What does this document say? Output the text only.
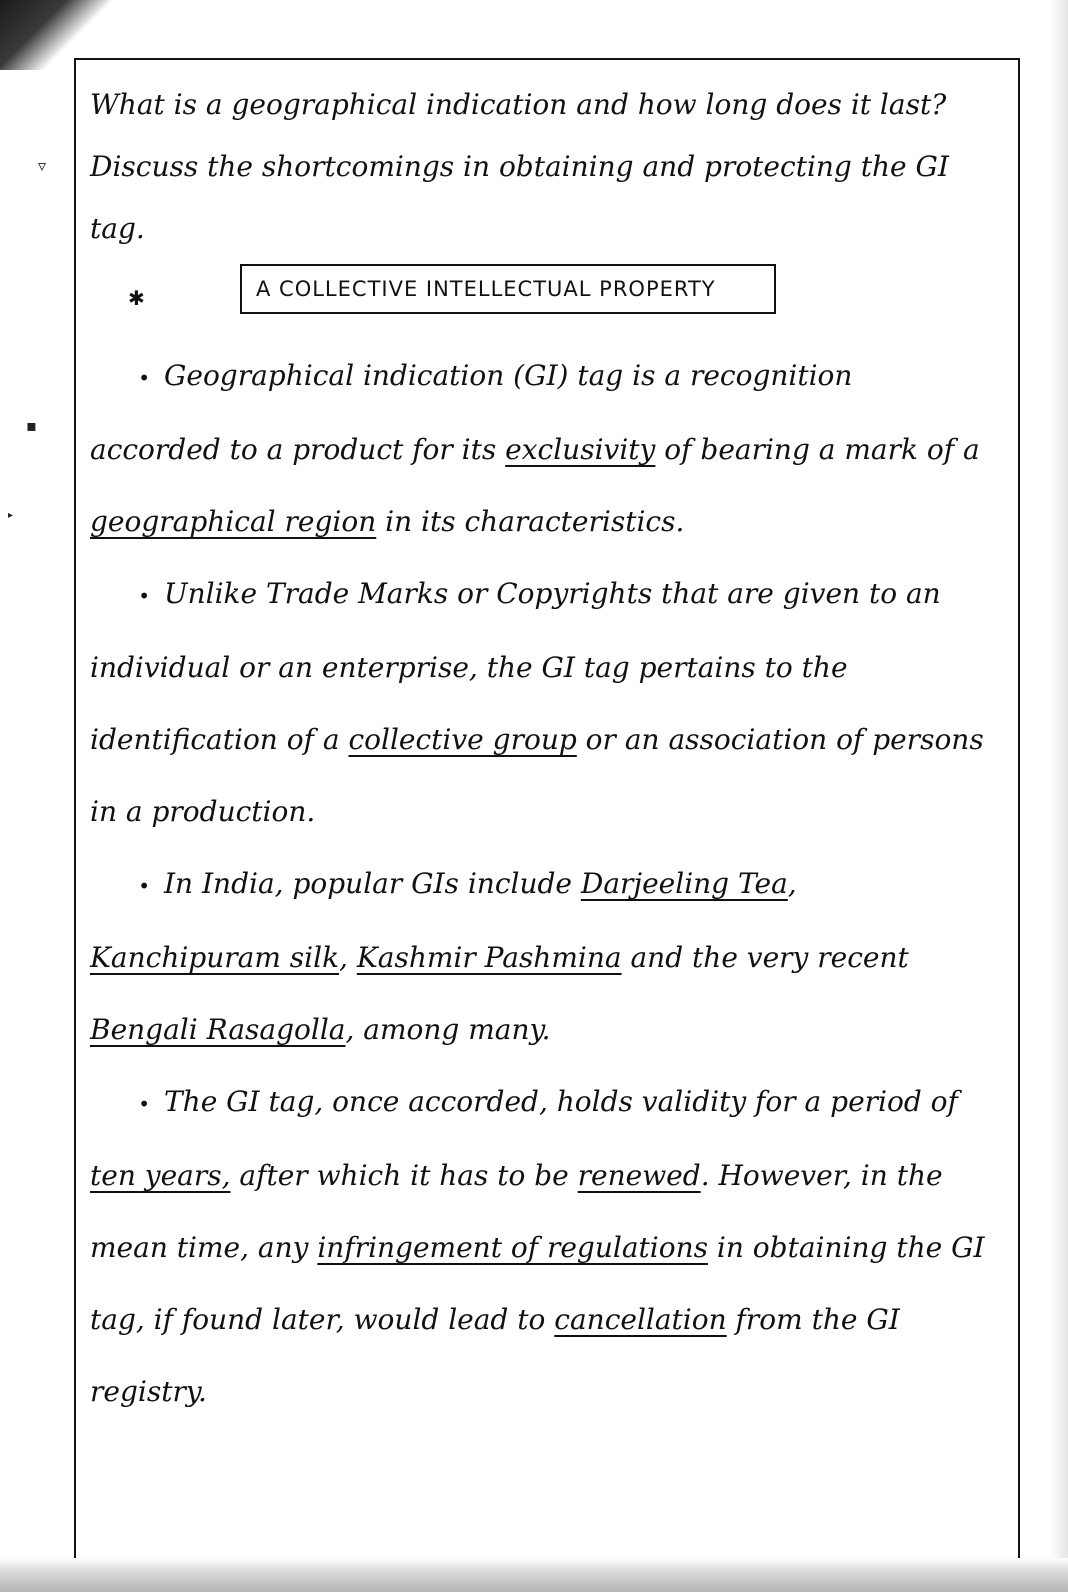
▿
▪
▸

What is a geographical indication and how long does it last? Discuss the shortcomings in obtaining and protecting the GI tag.

✱	A COLLECTIVE INTELLECTUAL PROPERTY

• Geographical indication (GI) tag is a recognition accorded to a product for its exclusivity of bearing a mark of a geographical region in its characteristics.

• Unlike Trade Marks or Copyrights that are given to an individual or an enterprise, the GI tag pertains to the identification of a collective group or an association of persons in a production.

• In India, popular GIs include Darjeeling Tea, Kanchipuram silk, Kashmir Pashmina and the very recent Bengali Rasagolla, among many.

• The GI tag, once accorded, holds validity for a period of ten years, after which it has to be renewed. However, in the mean time, any infringement of regulations in obtaining the GI tag, if found later, would lead to cancellation from the GI registry.
